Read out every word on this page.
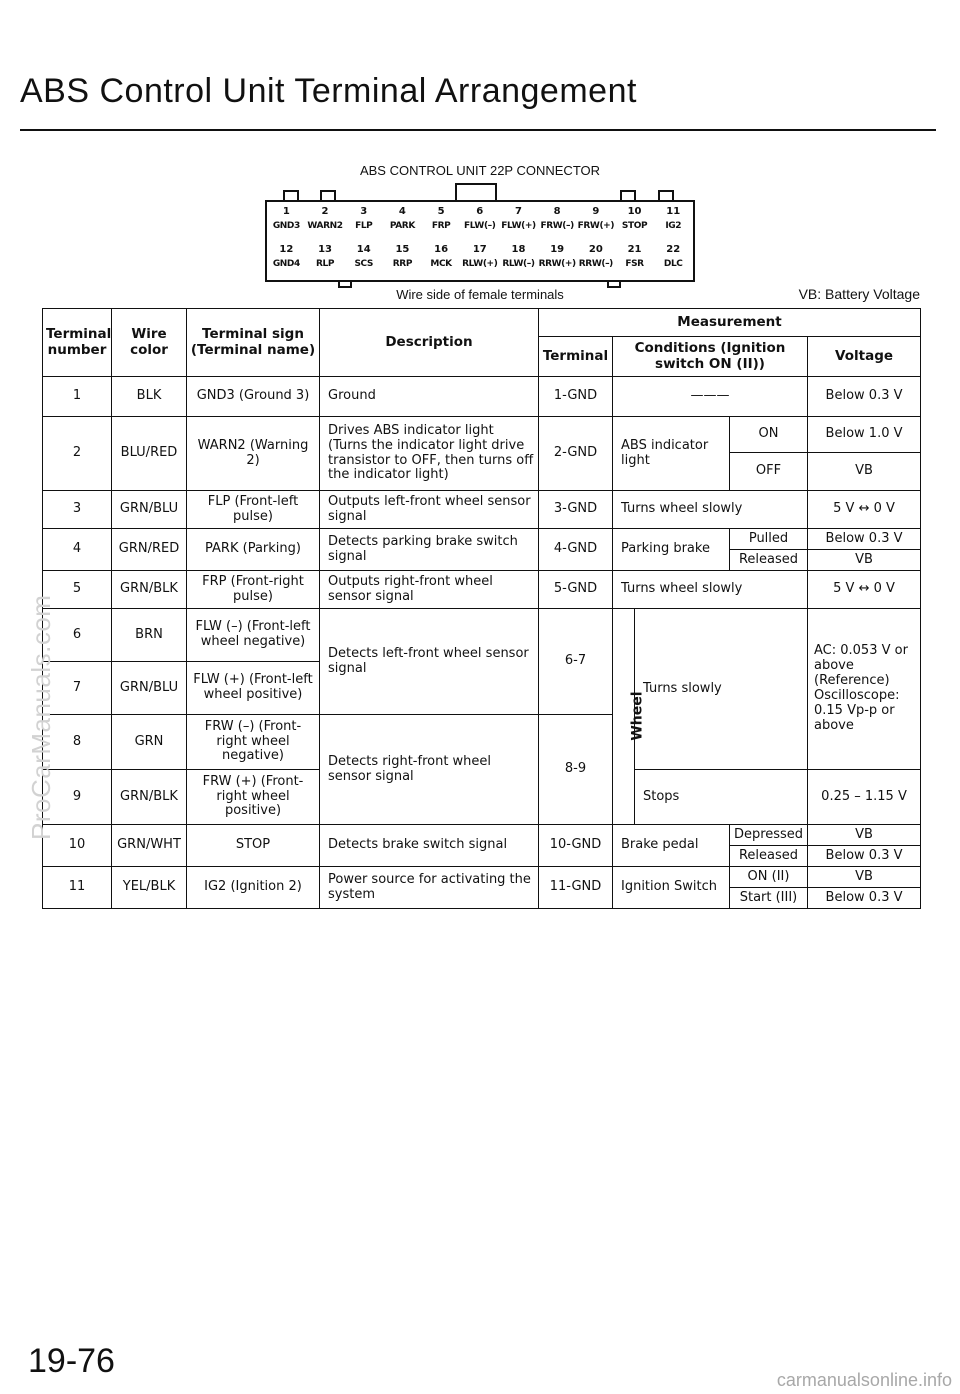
ABS Control Unit Terminal Arrangement
ABS CONTROL UNIT 22P CONNECTOR
1
GND3
2
WARN2
3
FLP
4
PARK
5
FRP
6
FLW(–)
7
FLW(+)
8
FRW(–)
9
FRW(+)
10
STOP
11
IG2
12
GND4
13
RLP
14
SCS
15
RRP
16
MCK
17
RLW(+)
18
RLW(–)
19
RRW(+)
20
RRW(–)
21
FSR
22
DLC
Wire side of female terminals	VB: Battery Voltage
Terminal number	Wire color	Terminal sign (Terminal name)	Description	Measurement				
				Terminal	Conditions (Ignition switch ON (II))			Voltage
1	BLK	GND3 (Ground 3)	Ground	1-GND	———			Below 0.3 V
2	BLU/RED	WARN2 (Warning 2)	Drives ABS indicator light (Turns the indicator light drive transistor to OFF, then turns off the indicator light)	2-GND	ABS indicator light		ON	Below 1.0 V
							OFF	VB
3	GRN/BLU	FLP (Front-left pulse)	Outputs left-front wheel sensor signal	3-GND	Turns wheel slowly			5 V ↔ 0 V
4	GRN/RED	PARK (Parking)	Detects parking brake switch signal	4-GND	Parking brake		Pulled	Below 0.3 V
							Released	VB
5	GRN/BLK	FRP (Front-right pulse)	Outputs right-front wheel sensor signal	5-GND	Turns wheel slowly			5 V ↔ 0 V
6	BRN	FLW (–) (Front-left wheel negative)	Detects left-front wheel sensor signal	6-7	Wheel	Turns slowly		AC: 0.053 V or above (Reference) Oscilloscope: 0.15 Vp-p or above
7	GRN/BLU	FLW (+) (Front-left wheel positive)						
8	GRN	FRW (–) (Front-right wheel negative)	Detects right-front wheel sensor signal	8-9				
9	GRN/BLK	FRW (+) (Front-right wheel positive)				Stops		0.25 – 1.15 V
10	GRN/WHT	STOP	Detects brake switch signal	10-GND	Brake pedal		Depressed	VB
							Released	Below 0.3 V
11	YEL/BLK	IG2 (Ignition 2)	Power source for activating the system	11-GND	Ignition Switch		ON (II)	VB
							Start (III)	Below 0.3 V
ProCarManuals.com
19-76	carmanualsonline.info
